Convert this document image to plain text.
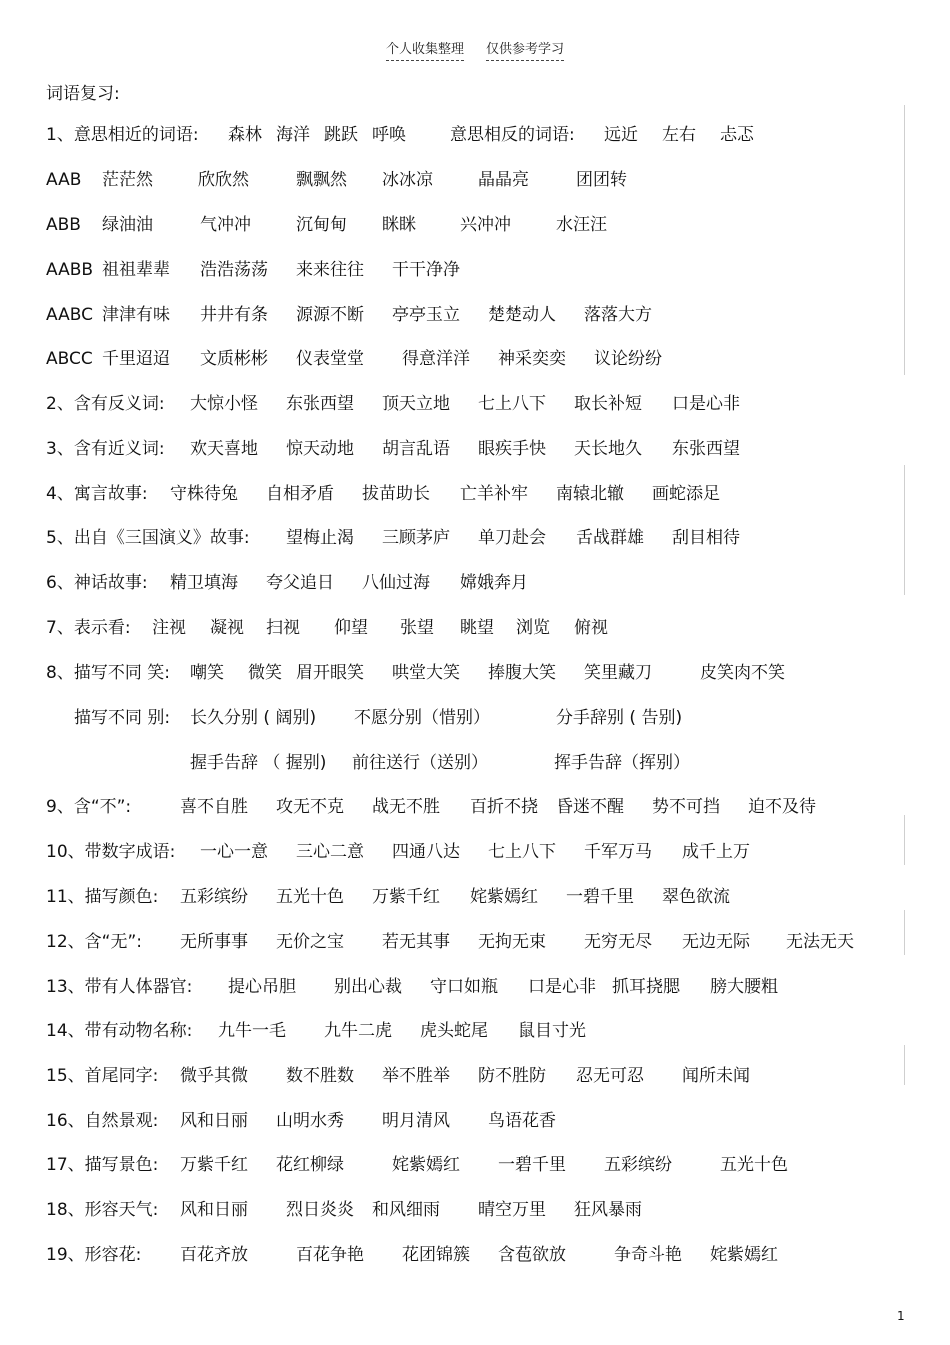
个人收集整理 仅供参考学习
词语复习:
1、意思相近的词语: 森林 海洋 跳跃 呼唤	意思相反的词语: 远近 左右 忐忑
AAB 茫茫然	欣欣然	飘飘然 冰冰凉	晶晶亮	团团转
ABB 绿油油	气冲冲	沉甸甸 眯眯	兴冲冲	水汪汪
AABB 祖祖辈辈 浩浩荡荡 来来往往 干干净净
AABC 津津有味 井井有条 源源不断 亭亭玉立 楚楚动人 落落大方
ABCC 千里迢迢 文质彬彬 仪表堂堂 得意洋洋 神采奕奕 议论纷纷
2、含有反义词: 大惊小怪 东张西望 顶天立地 七上八下 取长补短 口是心非
3、含有近义词: 欢天喜地 惊天动地 胡言乱语 眼疾手快 天长地久 东张西望
4、寓言故事: 守株待兔 自相矛盾 拔苗助长 亡羊补牢 南辕北辙 画蛇添足
5、出自《三国演义》故事: 望梅止渴 三顾茅庐 单刀赴会 舌战群雄 刮目相待
6、神话故事: 精卫填海 夸父追日 八仙过海 嫦娥奔月
7、表示看: 注视 凝视 扫视 仰望 张望 眺望 浏览 俯视
8、描写不同 笑: 嘲笑 微笑 眉开眼笑 哄堂大笑 捧腹大笑 笑里藏刀	皮笑肉不笑
描写不同 别: 长久分别 ( 阔别) 不愿分别（惜别）	分手辞别 ( 告别)
握手告辞 （ 握别) 前往送行（送别）	挥手告辞（挥别）
9、含“不”:	喜不自胜 攻无不克 战无不胜 百折不挠 昏迷不醒 势不可挡 迫不及待
10、带数字成语: 一心一意 三心二意 四通八达 七上八下 千军万马 成千上万
11、描写颜色: 五彩缤纷 五光十色 万紫千红 姹紫嫣红 一碧千里 翠色欲流
12、含“无”: 无所事事 无价之宝 若无其事 无拘无束 无穷无尽 无边无际 无法无天
13、带有人体器官: 提心吊胆 别出心裁 守口如瓶 口是心非 抓耳挠腮 膀大腰粗
14、带有动物名称: 九牛一毛 九牛二虎 虎头蛇尾 鼠目寸光
15、首尾同字: 微乎其微 数不胜数 举不胜举 防不胜防 忍无可忍 闻所未闻
16、自然景观: 风和日丽 山明水秀 明月清风 鸟语花香
17、描写景色: 万紫千红 花红柳绿	姹紫嫣红 一碧千里 五彩缤纷	五光十色
18、形容天气: 风和日丽 烈日炎炎 和风细雨 晴空万里 狂风暴雨
19、形容花: 百花齐放	百花争艳 花团锦簇 含苞欲放	争奇斗艳 姹紫嫣红
1
